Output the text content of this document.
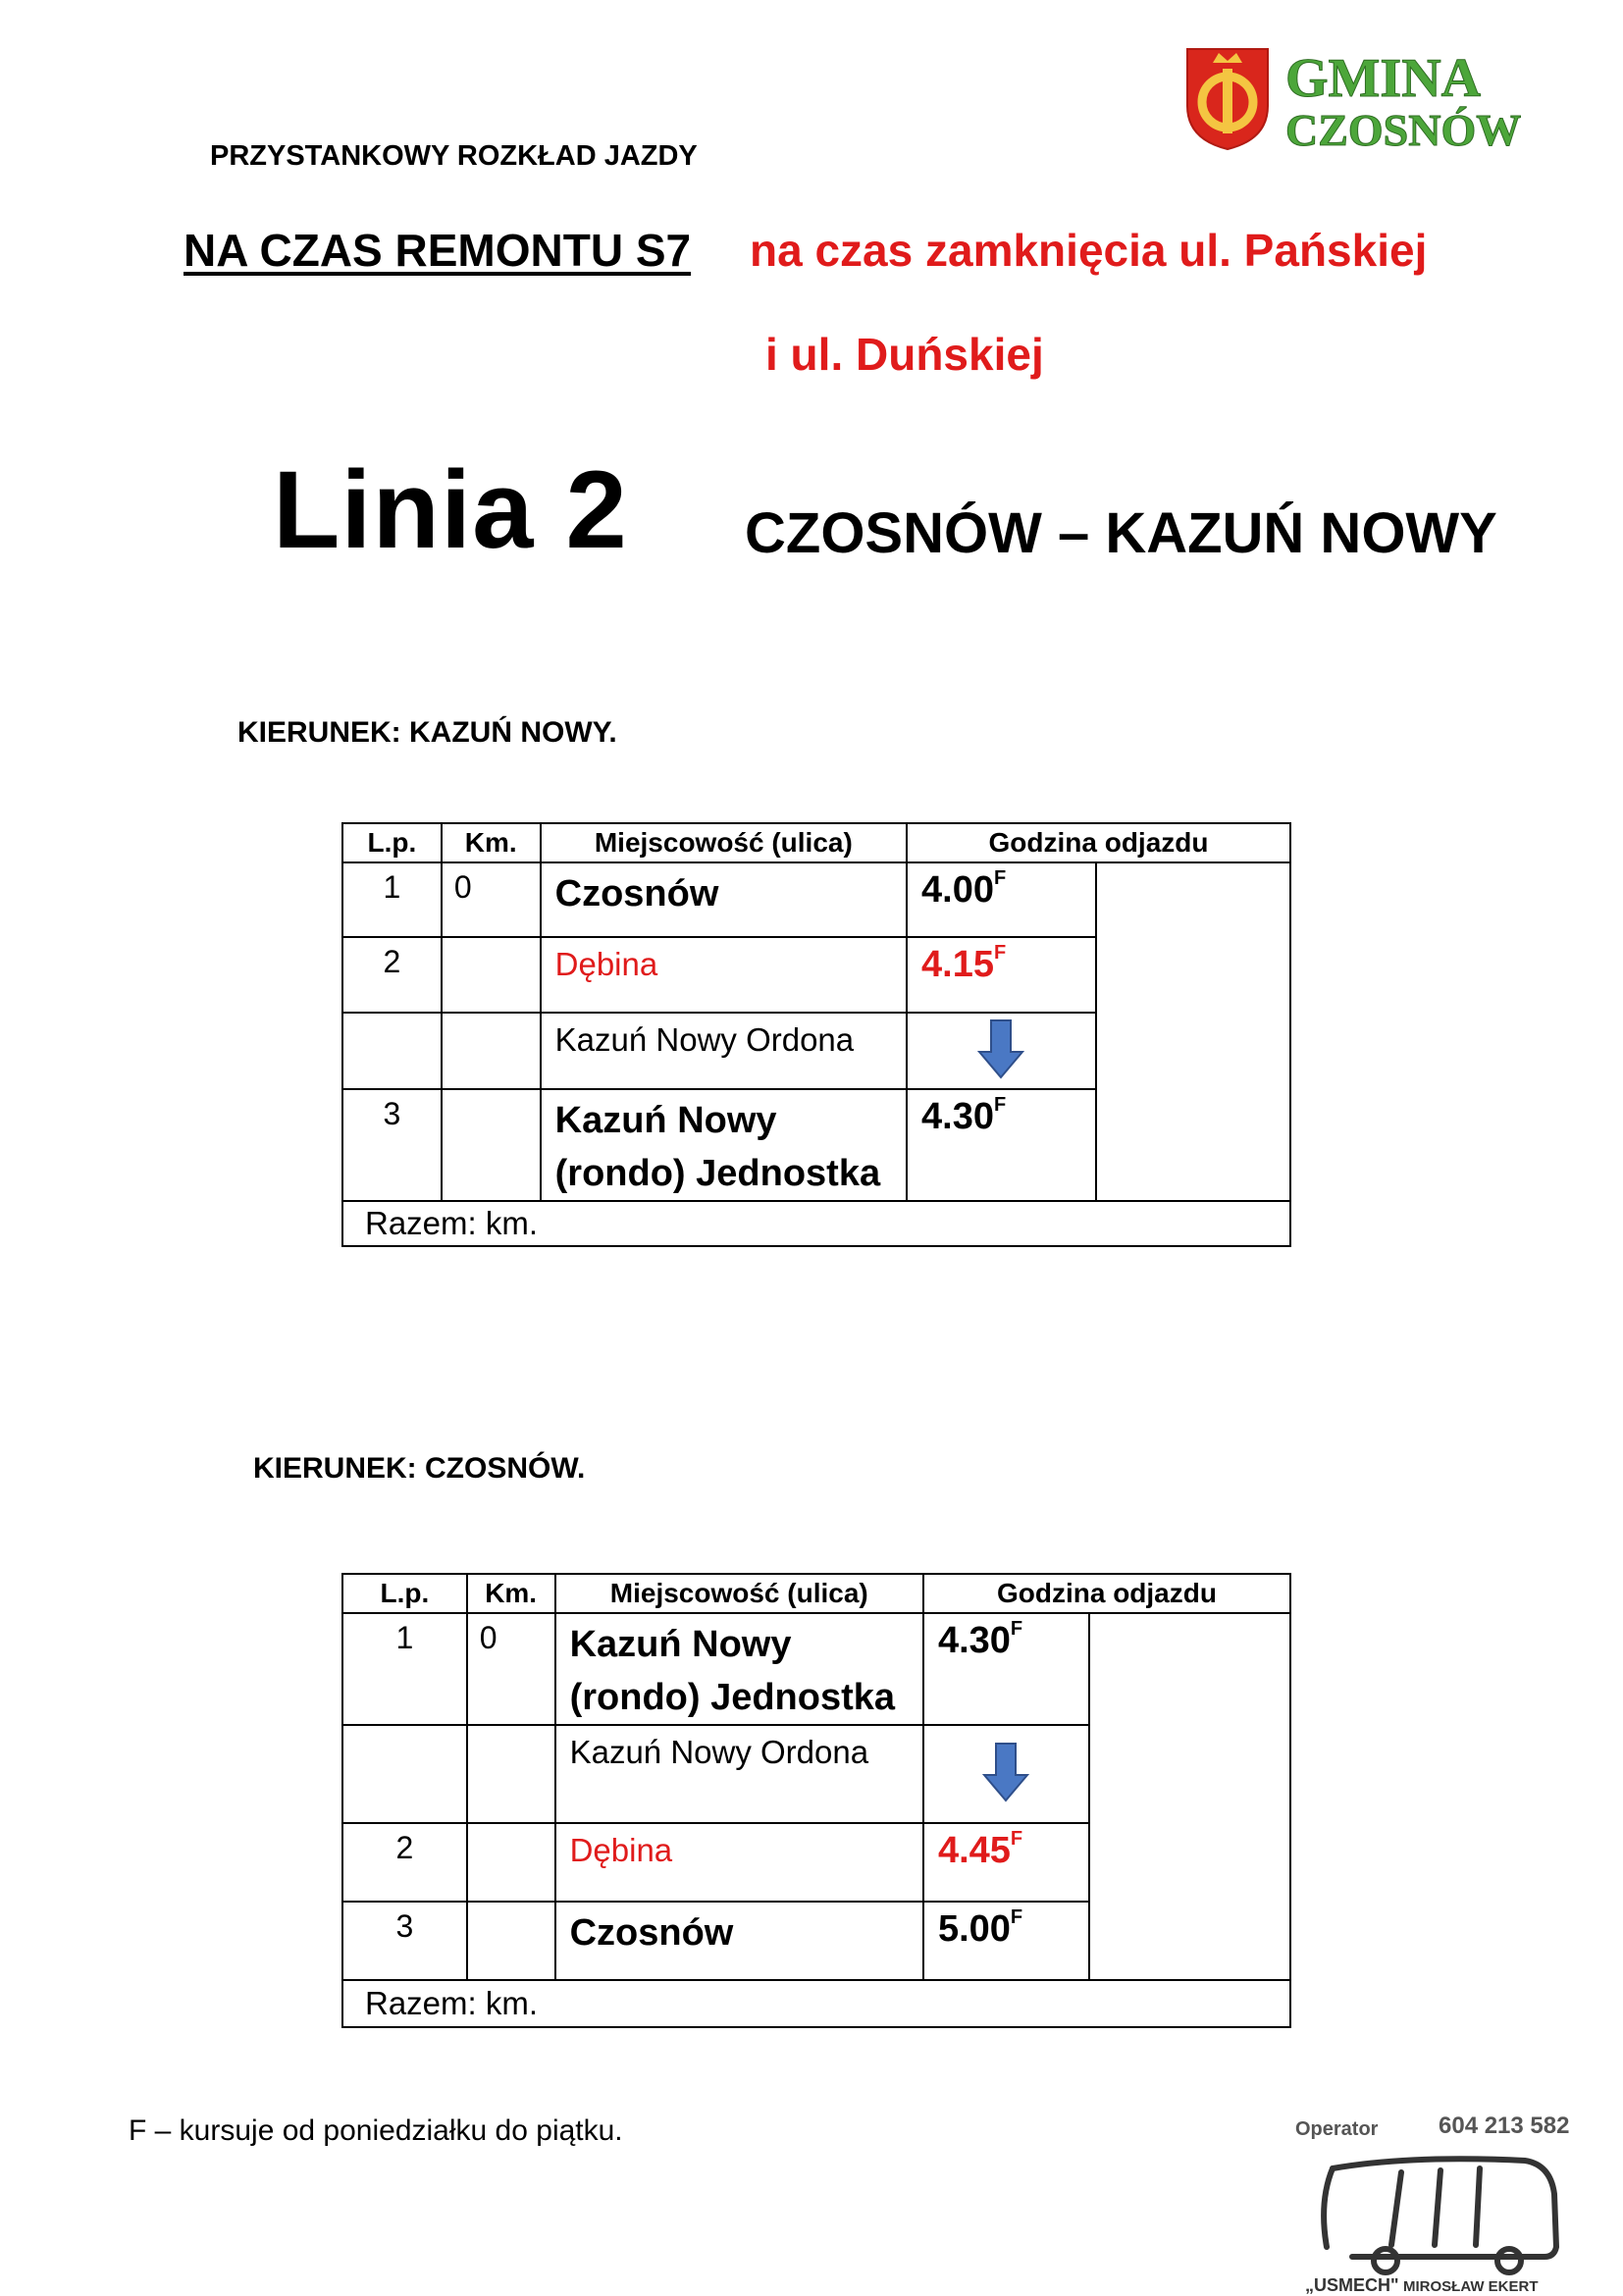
PRZYSTANKOWY ROZKŁAD JAZDY
NA CZAS REMONTU S7 na czas zamknięcia ul. Pańskiej
i ul. Duńskiej
Linia 2 CZOSNÓW – KAZUŃ NOWY
GMINA
CZOSNÓW
KIERUNEK: KAZUŃ NOWY.
L.p.	Km.	Miejscowość (ulica)	Godzina odjazdu	
1	0	Czosnów	$4.00^F$	
2		Dębina	$4.15^F$
		Kazuń Nowy Ordona	
3		Kazuń Nowy
(rondo) Jednostka	$4.30^F$
Razem: km.				
KIERUNEK: CZOSNÓW.
L.p.	Km.	Miejscowość (ulica)	Godzina odjazdu	
1	0	Kazuń Nowy
(rondo) Jednostka	$4.30^F$	
		Kazuń Nowy Ordona	
2		Dębina	$4.45^F$
3		Czosnów	$5.00^F$
Razem: km.				
F – kursuje od poniedziałku do piątku.	Operator	604 213 582
„USMECH" MIROSŁAW EKERT
